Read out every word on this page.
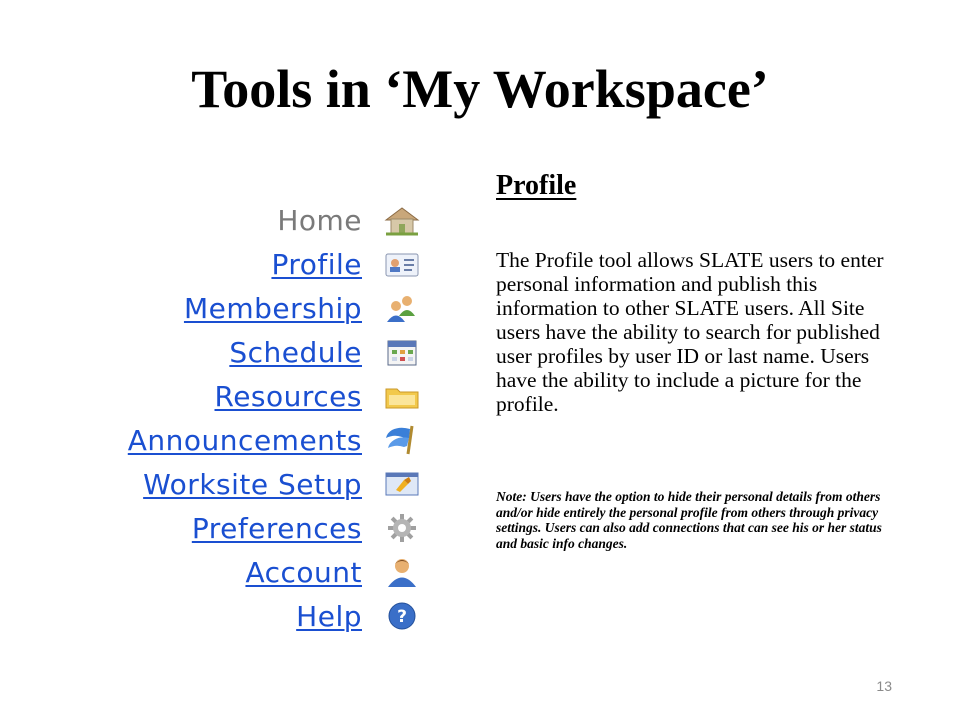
Tools in ‘My Workspace’
Home
Profile
Membership
Schedule
Resources
Announcements
Worksite Setup
Preferences
Account
Help ?
Profile

The Profile tool allows SLATE users to enter personal information and publish this information to other SLATE users. All Site users have the ability to search for published user profiles by user ID or last name. Users have the ability to include a picture for the profile.

Note: Users have the option to hide their personal details from others and/or hide entirely the personal profile from others through privacy settings. Users can also add connections that can see his or her status and basic info changes.

13
